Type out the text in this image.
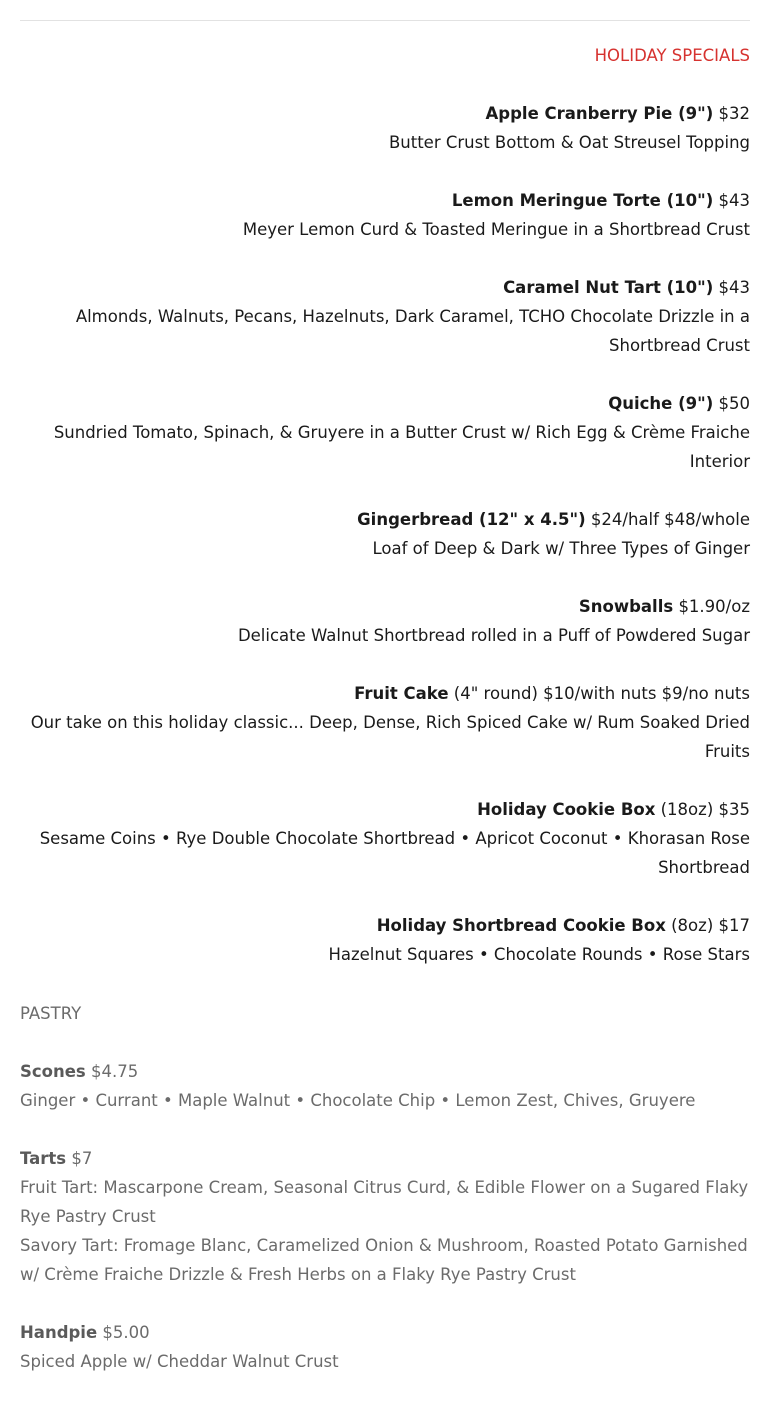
HOLIDAY SPECIALS
Apple Cranberry Pie (9") $32
Butter Crust Bottom & Oat Streusel Topping
Lemon Meringue Torte (10") $43
Meyer Lemon Curd & Toasted Meringue in a Shortbread Crust
Caramel Nut Tart (10") $43
Almonds, Walnuts, Pecans, Hazelnuts, Dark Caramel, TCHO Chocolate Drizzle in a Shortbread Crust
Quiche (9") $50
Sundried Tomato, Spinach, & Gruyere in a Butter Crust w/ Rich Egg & Crème Fraiche Interior
Gingerbread (12" x 4.5") $24/half $48/whole
Loaf of Deep & Dark w/ Three Types of Ginger
Snowballs $1.90/oz
Delicate Walnut Shortbread rolled in a Puff of Powdered Sugar
Fruit Cake (4" round) $10/with nuts $9/no nuts
Our take on this holiday classic... Deep, Dense, Rich Spiced Cake w/ Rum Soaked Dried Fruits
Holiday Cookie Box (18oz) $35
Sesame Coins • Rye Double Chocolate Shortbread • Apricot Coconut • Khorasan Rose Shortbread
Holiday Shortbread Cookie Box (8oz) $17
Hazelnut Squares • Chocolate Rounds • Rose Stars
PASTRY
Scones $4.75
Ginger • Currant • Maple Walnut • Chocolate Chip • Lemon Zest, Chives, Gruyere
Tarts $7
Fruit Tart: Mascarpone Cream, Seasonal Citrus Curd, & Edible Flower on a Sugared Flaky Rye Pastry Crust
Savory Tart: Fromage Blanc, Caramelized Onion & Mushroom, Roasted Potato Garnished w/ Crème Fraiche Drizzle & Fresh Herbs on a Flaky Rye Pastry Crust
Handpie $5.00
Spiced Apple w/ Cheddar Walnut Crust
